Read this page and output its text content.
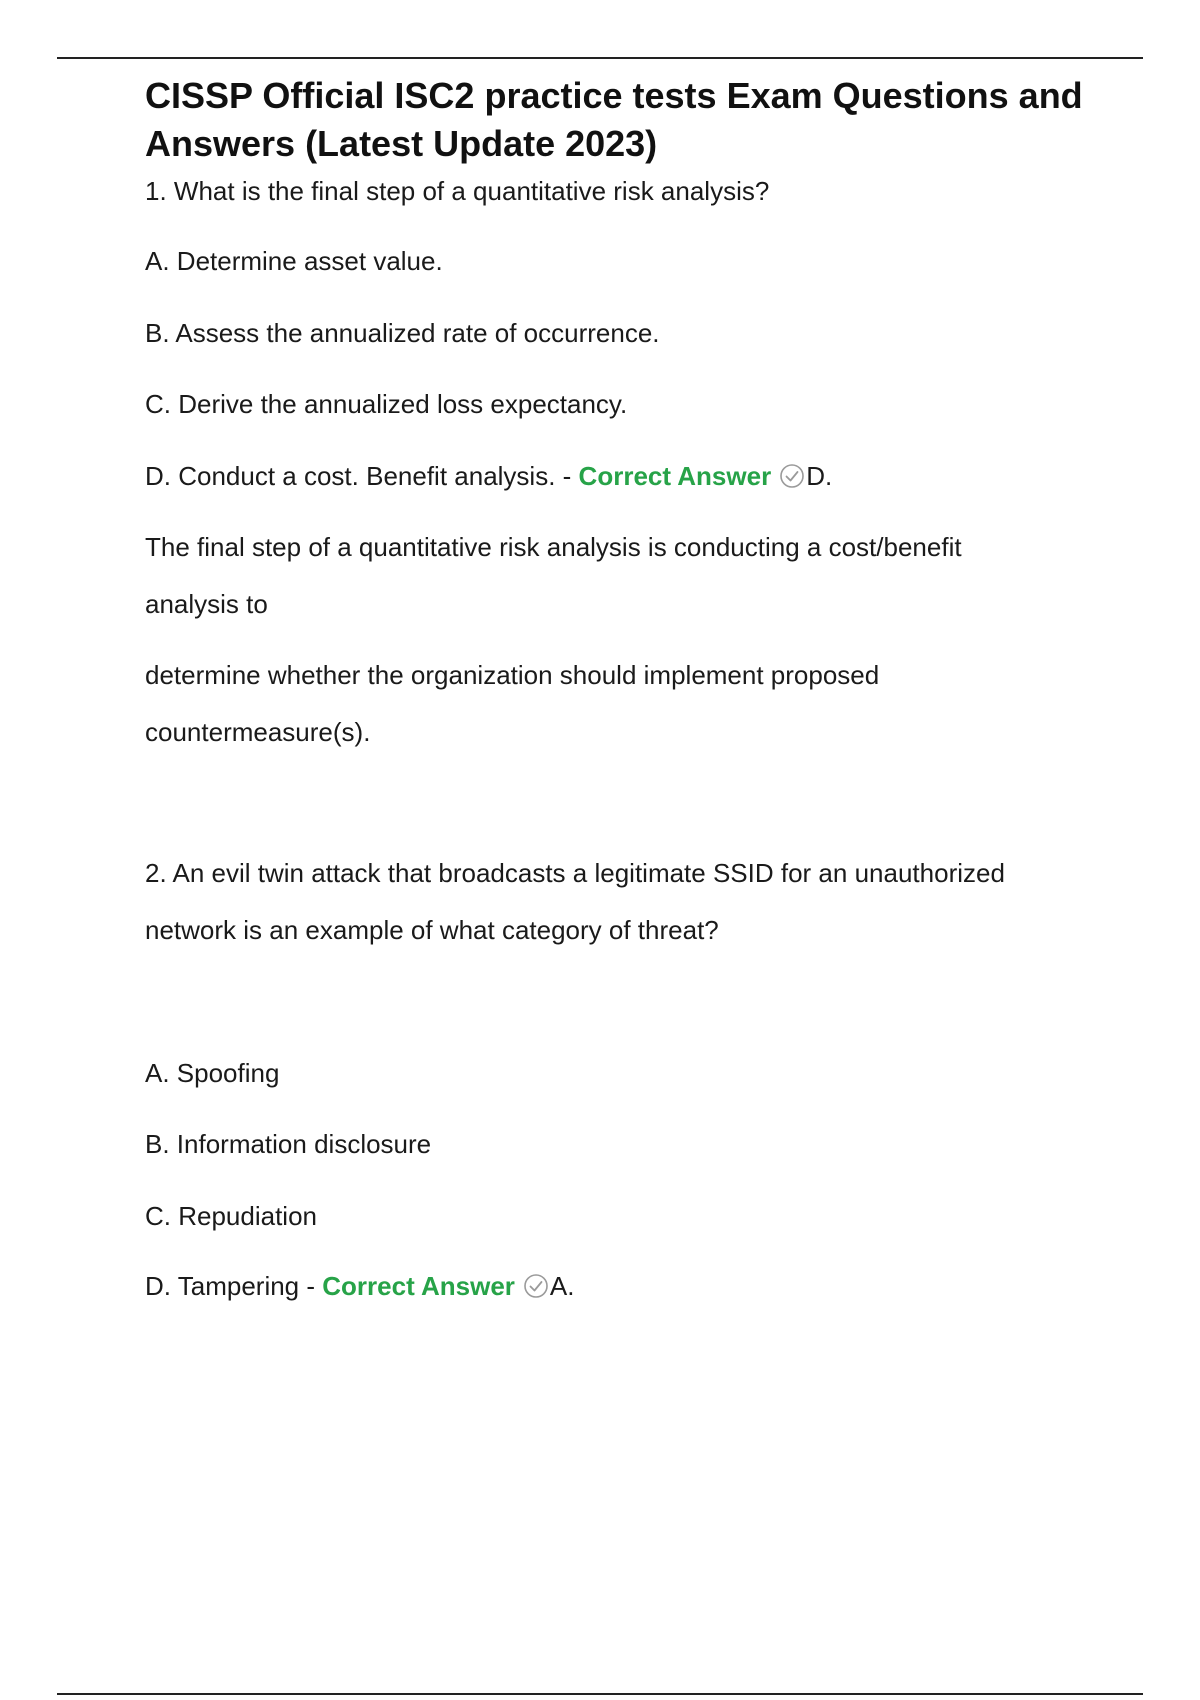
CISSP Official ISC2 practice tests Exam Questions and Answers (Latest Update 2023)

1. What is the final step of a quantitative risk analysis?

A. Determine asset value.

B. Assess the annualized rate of occurrence.

C. Derive the annualized loss expectancy.

D. Conduct a cost. Benefit analysis. - Correct Answer D.

The final step of a quantitative risk analysis is conducting a cost/benefit

analysis to

determine whether the organization should implement proposed

countermeasure(s).

2. An evil twin attack that broadcasts a legitimate SSID for an unauthorized

network is an example of what category of threat?

A. Spoofing

B. Information disclosure

C. Repudiation

D. Tampering - Correct Answer A.
